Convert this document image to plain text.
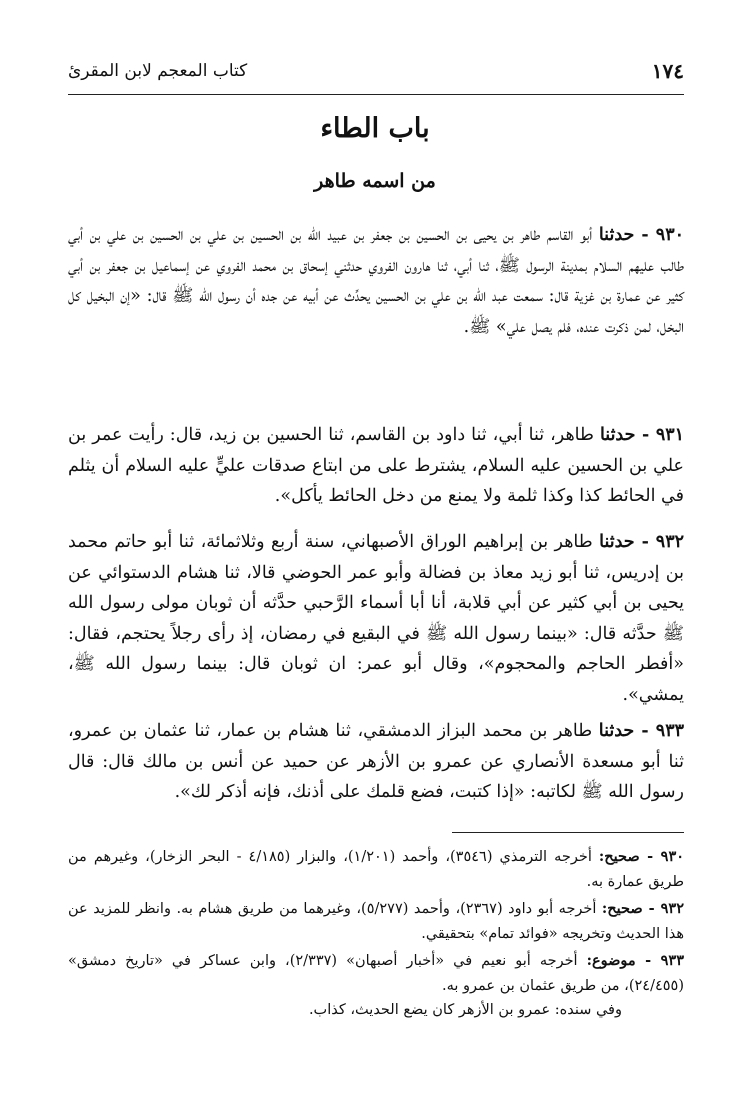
١٧٤
كتاب المعجم لابن المقرئ
باب الطاء
من اسمه طاهر
٩٣٠ - حدثنا أبو القاسم طاهر بن يحيى بن الحسين بن جعفر بن عبيد الله بن الحسين بن علي بن الحسين بن علي بن أبي طالب عليهم السلام بمدينة الرسول ﷺ، ثنا أبي، ثنا هارون الفروي حدثني إسحاق بن محمد الفروي عن إسماعيل بن جعفر بن أبي كثير عن عمارة بن غزية قال: سمعت عبد الله بن علي بن الحسين يحدِّث عن أبيه عن جده أن رسول الله ﷺ قال: «إن البخيل كل البخل، لمن ذكرت عنده، فلم يصل علي» ﷺ.
٩٣١ - حدثنا طاهر، ثنا أبي، ثنا داود بن القاسم، ثنا الحسين بن زيد، قال: رأيت عمر بن علي بن الحسين عليه السلام، يشترط على من ابتاع صدقات عليٍّ عليه السلام أن يثلم في الحائط كذا وكذا ثلمة ولا يمنع من دخل الحائط يأكل».
٩٣٢ - حدثنا طاهر بن إبراهيم الوراق الأصبهاني، سنة أربع وثلاثمائة، ثنا أبو حاتم محمد بن إدريس، ثنا أبو زيد معاذ بن فضالة وأبو عمر الحوضي قالا، ثنا هشام الدستوائي عن يحيى بن أبي كثير عن أبي قلابة، أنا أبا أسماء الرَّحبي حدَّثه أن ثوبان مولى رسول الله ﷺ حدَّثه قال: «بينما رسول الله ﷺ في البقيع في رمضان، إذ رأى رجلاً يحتجم، فقال: «أفطر الحاجم والمحجوم»، وقال أبو عمر: ان ثوبان قال: بينما رسول الله ﷺ، يمشي».
٩٣٣ - حدثنا طاهر بن محمد البزاز الدمشقي، ثنا هشام بن عمار، ثنا عثمان بن عمرو، ثنا أبو مسعدة الأنصاري عن عمرو بن الأزهر عن حميد عن أنس بن مالك قال: قال رسول الله ﷺ لكاتبه: «إذا كتبت، فضع قلمك على أذنك، فإنه أذكر لك».
٩٣٠ - صحيح: أخرجه الترمذي (٣٥٤٦)، وأحمد (١/٢٠١)، والبزار (٤/١٨٥ - البحر الزخار)، وغيرهم من طريق عمارة به.
٩٣٢ - صحيح: أخرجه أبو داود (٢٣٦٧)، وأحمد (٥/٢٧٧)، وغيرهما من طريق هشام به. وانظر للمزيد عن هذا الحديث وتخريجه «فوائد تمام» بتحقيقي.
٩٣٣ - موضوع: أخرجه أبو نعيم في «أخبار أصبهان» (٢/٣٣٧)، وابن عساكر في «تاريخ دمشق» (٢٤/٤٥٥)، من طريق عثمان بن عمرو به.
وفي سنده: عمرو بن الأزهر كان يضع الحديث، كذاب.
